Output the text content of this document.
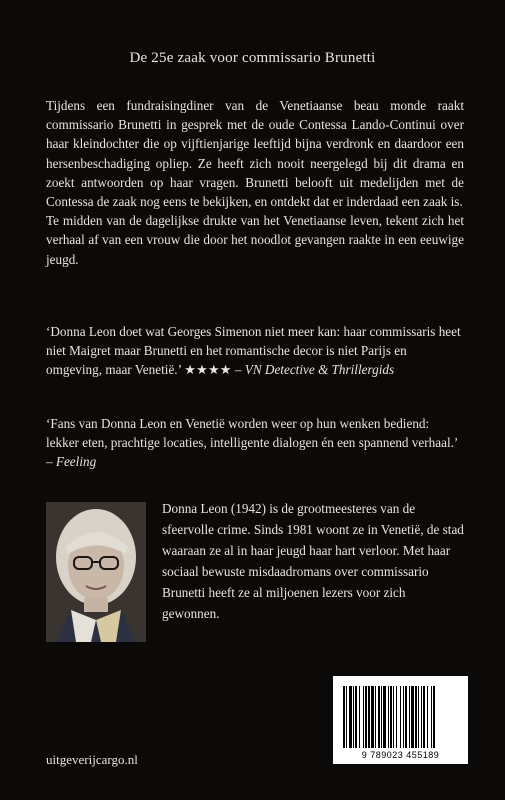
De 25e zaak voor commissario Brunetti

Tijdens een fundraisingdiner van de Venetiaanse beau monde raakt commissario Brunetti in gesprek met de oude Contessa Lando-Continui over haar kleindochter die op vijftienjarige leeftijd bijna verdronk en daardoor een hersenbeschadiging opliep. Ze heeft zich nooit neergelegd bij dit drama en zoekt antwoorden op haar vragen. Brunetti belooft uit medelijden met de Contessa de zaak nog eens te bekijken, en ontdekt dat er inderdaad een zaak is.

Te midden van de dagelijkse drukte van het Venetiaanse leven, tekent zich het verhaal af van een vrouw die door het noodlot gevangen raakte in een eeuwige jeugd.

‘Donna Leon doet wat Georges Simenon niet meer kan: haar commissaris heet niet Maigret maar Brunetti en het romantische decor is niet Parijs en omgeving, maar Venetië.’ ★★★★ – VN Detective & Thrillergids

‘Fans van Donna Leon en Venetië worden weer op hun wenken bediend: lekker eten, prachtige locaties, intelligente dialogen én een spannend verhaal.’ – Feeling

Donna Leon (1942) is de grootmeesteres van de sfeervolle crime. Sinds 1981 woont ze in Venetië, de stad waaraan ze al in haar jeugd haar hart verloor. Met haar sociaal bewuste misdaadromans over commissario Brunetti heeft ze al miljoenen lezers voor zich gewonnen.

9 789023 455189
uitgeverijcargo.nl
